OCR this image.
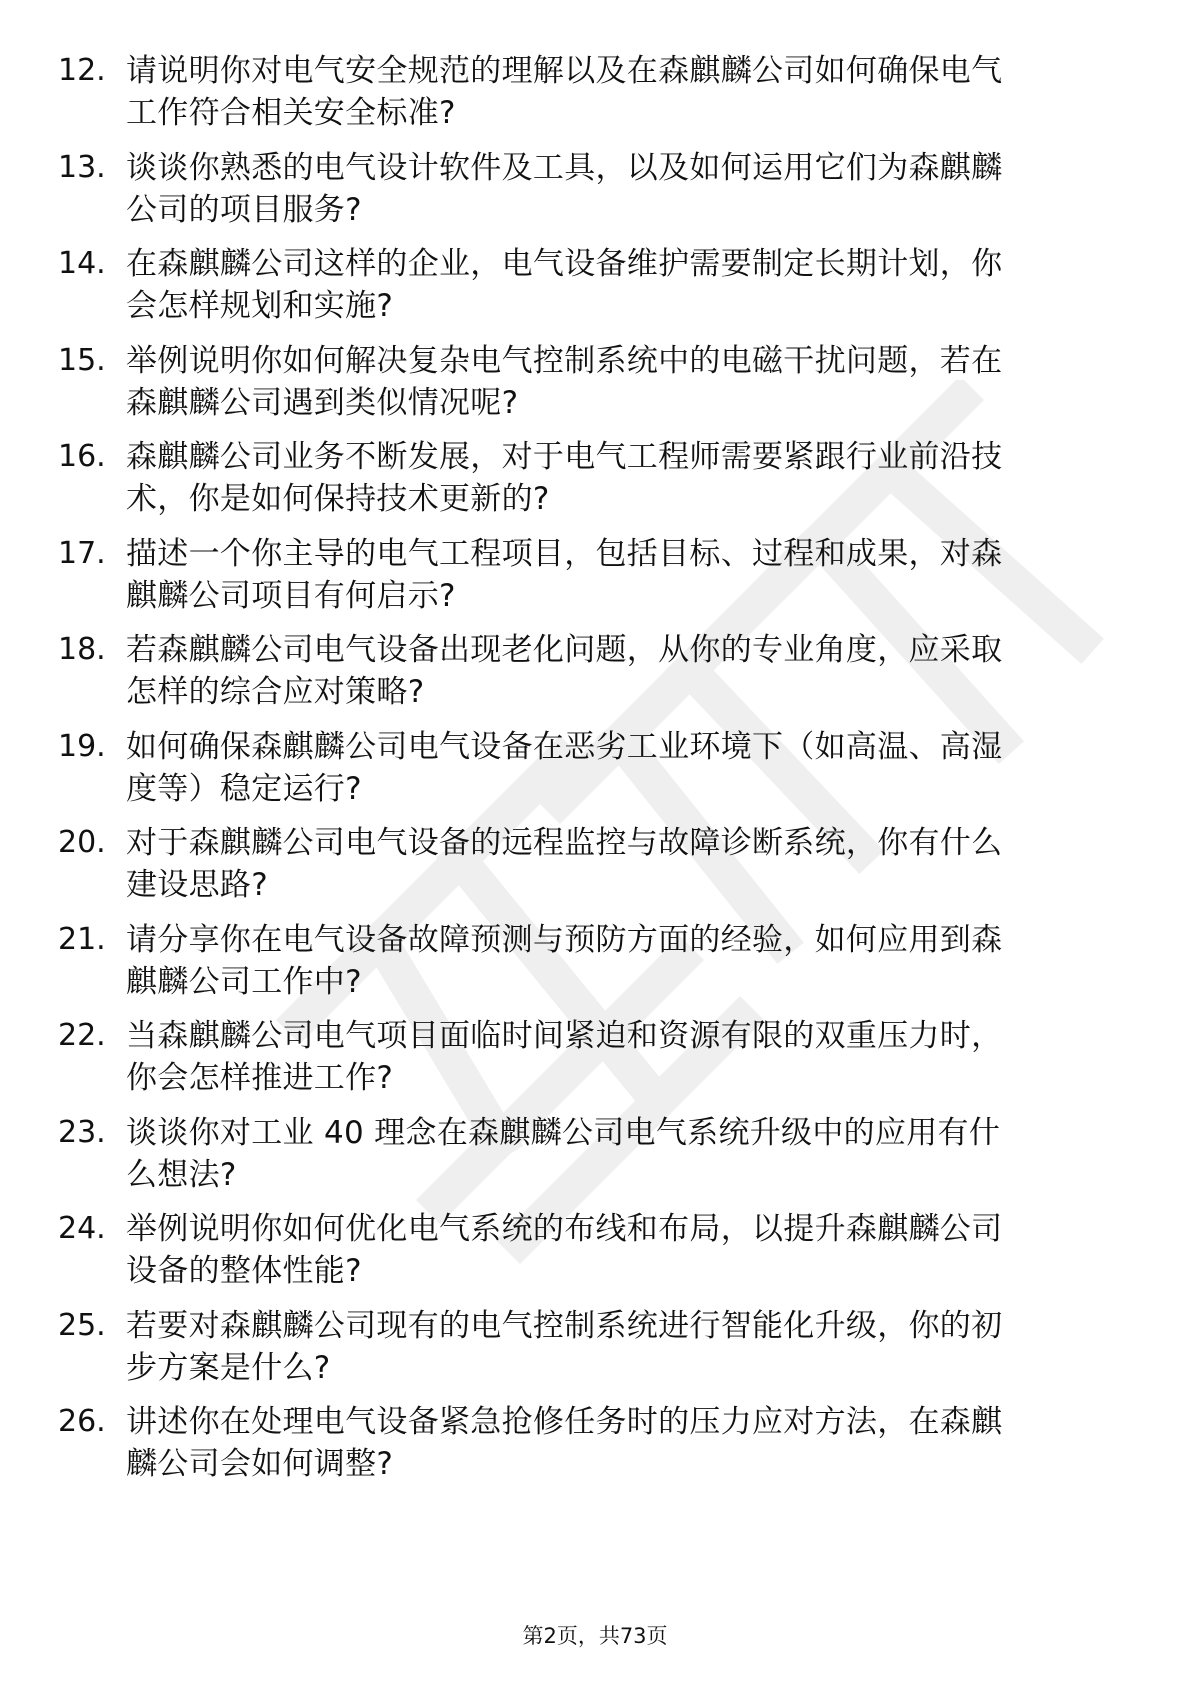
12. 请说明你对电气安全规范的理解以及在森麒麟公司如何确保电气
工作符合相关安全标准?
13. 谈谈你熟悉的电气设计软件及工具，以及如何运用它们为森麒麟
公司的项目服务?
14. 在森麒麟公司这样的企业，电气设备维护需要制定长期计划，你
会怎样规划和实施?
15. 举例说明你如何解决复杂电气控制系统中的电磁干扰问题，若在
森麒麟公司遇到类似情况呢?
16. 森麒麟公司业务不断发展，对于电气工程师需要紧跟行业前沿技
术，你是如何保持技术更新的?
17. 描述一个你主导的电气工程项目，包括目标、过程和成果，对森
麒麟公司项目有何启示?
18. 若森麒麟公司电气设备出现老化问题，从你的专业角度，应采取
怎样的综合应对策略?
19. 如何确保森麒麟公司电气设备在恶劣工业环境下（如高温、高湿
度等）稳定运行?
20. 对于森麒麟公司电气设备的远程监控与故障诊断系统，你有什么
建设思路?
21. 请分享你在电气设备故障预测与预防方面的经验，如何应用到森
麒麟公司工作中?
22. 当森麒麟公司电气项目面临时间紧迫和资源有限的双重压力时，
你会怎样推进工作?
23. 谈谈你对工业 40 理念在森麒麟公司电气系统升级中的应用有什
么想法?
24. 举例说明你如何优化电气系统的布线和布局，以提升森麒麟公司
设备的整体性能?
25. 若要对森麒麟公司现有的电气控制系统进行智能化升级，你的初
步方案是什么?
26. 讲述你在处理电气设备紧急抢修任务时的压力应对方法，在森麒
麟公司会如何调整?
第2页，共73页
